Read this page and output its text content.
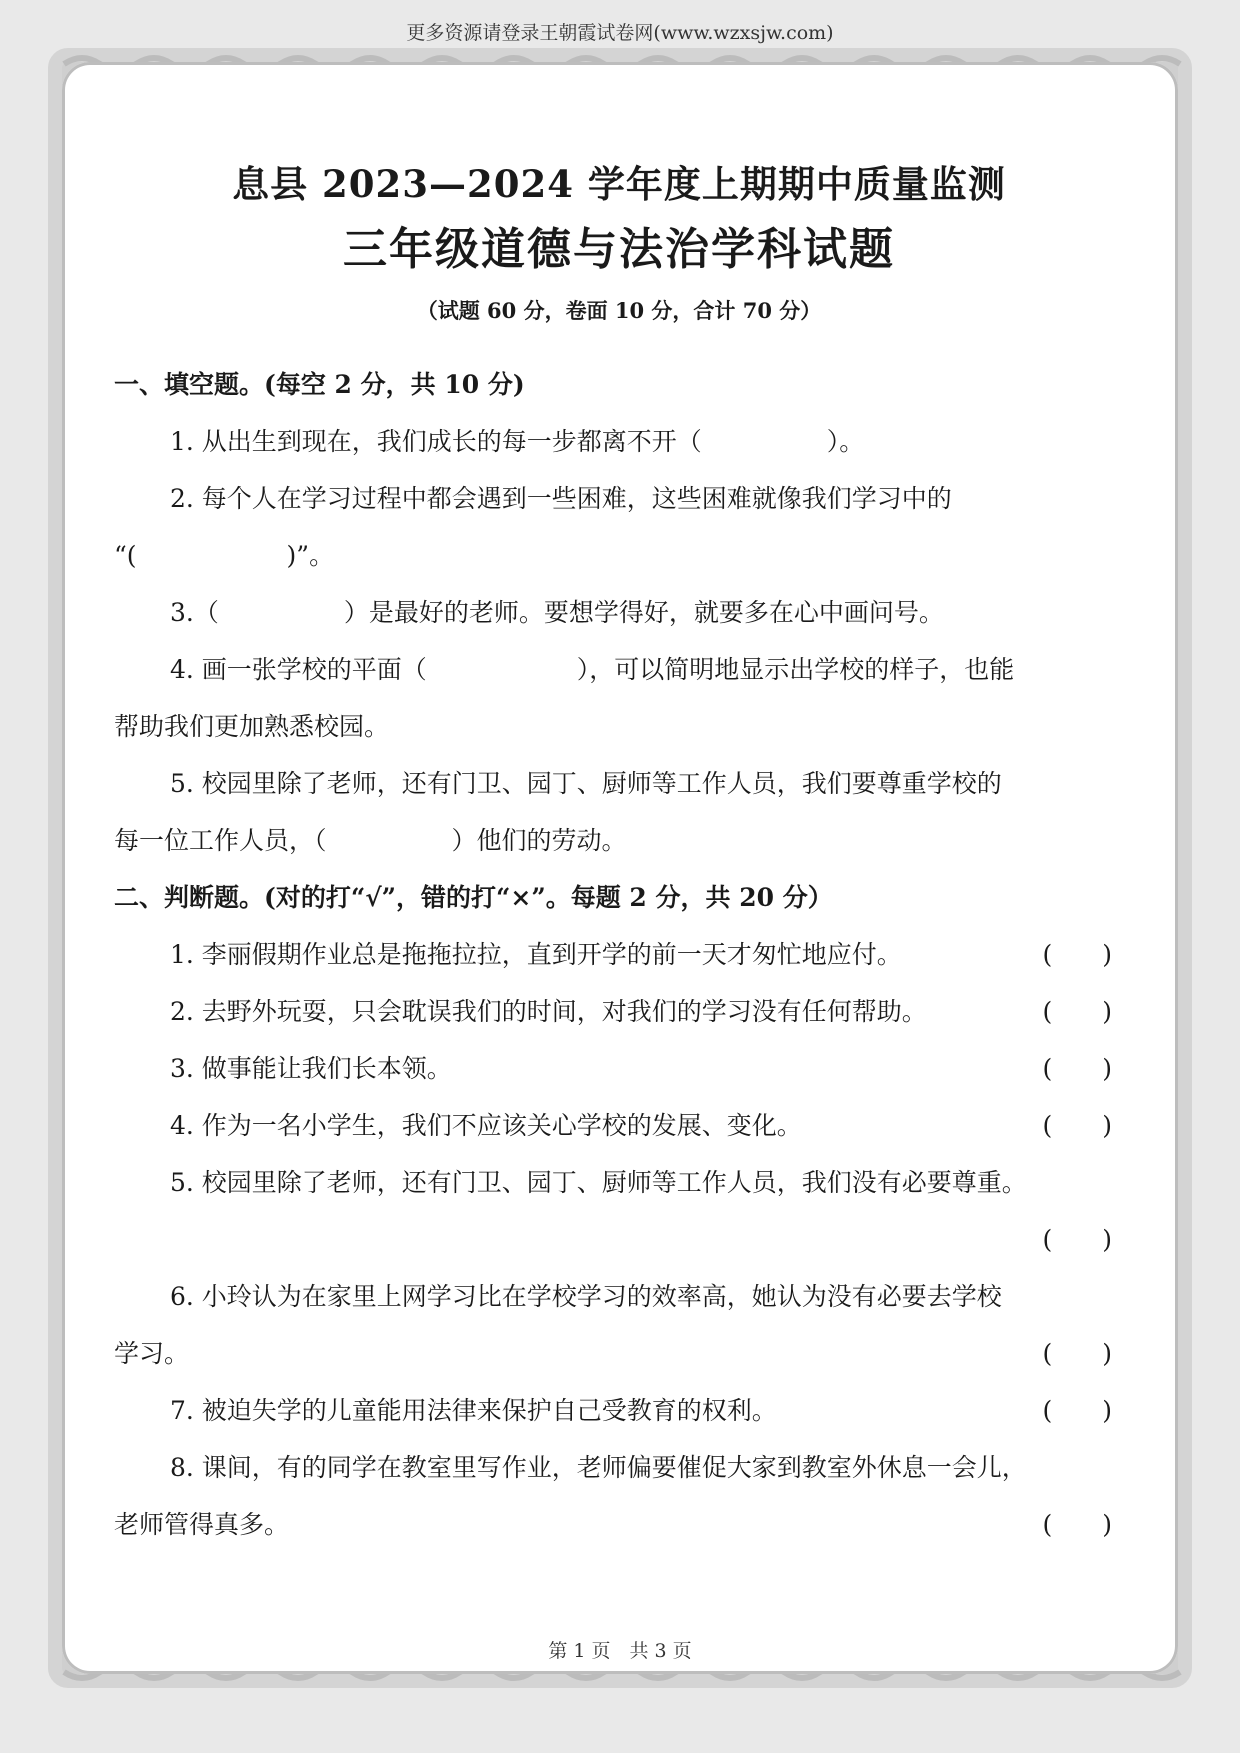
更多资源请登录王朝霞试卷网(www.wzxsjw.com)

息县 2023—2024 学年度上期期中质量监测

三年级道德与法治学科试题

（试题 60 分，卷面 10 分，合计 70 分）

一、填空题。(每空 2 分，共 10 分)

1. 从出生到现在，我们成长的每一步都离不开（　　　　　）。

2. 每个人在学习过程中都会遇到一些困难，这些困难就像我们学习中的

“(　　　　　　)”。

3.（　　　　　）是最好的老师。要想学得好，就要多在心中画问号。

4. 画一张学校的平面（　　　　　　），可以简明地显示出学校的样子，也能

帮助我们更加熟悉校园。

5. 校园里除了老师，还有门卫、园丁、厨师等工作人员，我们要尊重学校的

每一位工作人员，（　　　　　）他们的劳动。

二、判断题。(对的打“√”，错的打“×”。每题 2 分，共 20 分）

1. 李丽假期作业总是拖拖拉拉，直到开学的前一天才匆忙地应付。	(　　)

2. 去野外玩耍，只会耽误我们的时间，对我们的学习没有任何帮助。	(　　)

3. 做事能让我们长本领。	(　　)

4. 作为一名小学生，我们不应该关心学校的发展、变化。	(　　)

5. 校园里除了老师，还有门卫、园丁、厨师等工作人员，我们没有必要尊重。

(　　)

6. 小玲认为在家里上网学习比在学校学习的效率高，她认为没有必要去学校

学习。	(　　)

7. 被迫失学的儿童能用法律来保护自己受教育的权利。	(　　)

8. 课间，有的同学在教室里写作业，老师偏要催促大家到教室外休息一会儿，

老师管得真多。	(　　)

第 1 页　共 3 页
